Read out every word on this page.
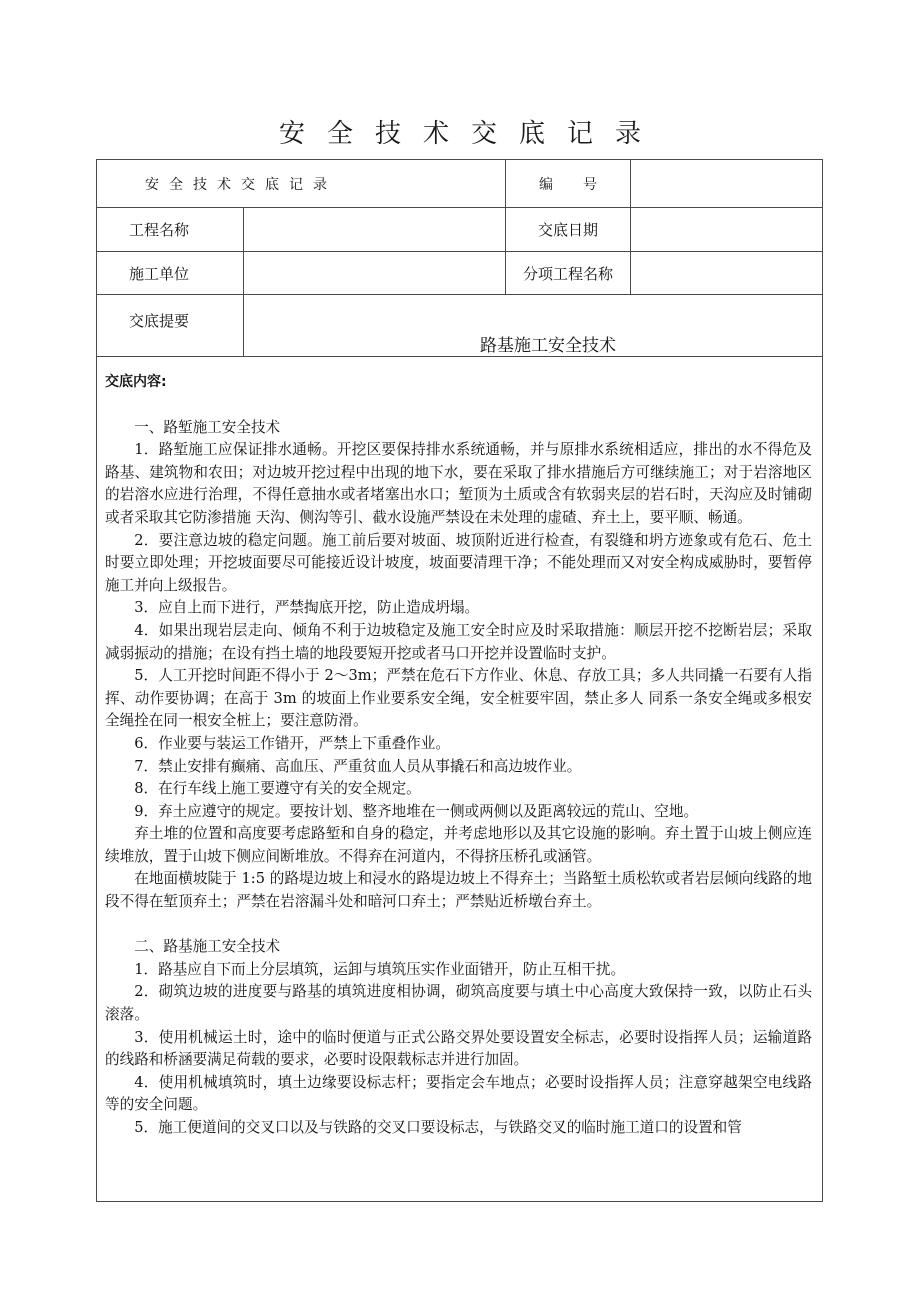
安全技术交底记录
安全技术交底记录		编号	
工程名称		交底日期	
施工单位		分项工程名称	
交底提要	路基施工安全技术		

交底内容:

一、路堑施工安全技术

1．路堑施工应保证排水通畅。开挖区要保持排水系统通畅，并与原排水系统相适应，排出的水不得危及路基、建筑物和农田；对边坡开挖过程中出现的地下水，要在采取了排水措施后方可继续施工；对于岩溶地区的岩溶水应进行治理，不得任意抽水或者堵塞出水口；堑顶为土质或含有软弱夹层的岩石时，天沟应及时铺砌或者采取其它防渗措施 天沟、侧沟等引、截水设施严禁设在未处理的虚碴、弃土上，要平顺、畅通。

2．要注意边坡的稳定问题。施工前后要对坡面、坡顶附近进行检查，有裂缝和坍方迹象或有危石、危土时要立即处理；开挖坡面要尽可能接近设计坡度，坡面要清理干净；不能处理而又对安全构成威胁时，要暂停施工并向上级报告。

3．应自上而下进行，严禁掏底开挖，防止造成坍塌。

4．如果出现岩层走向、倾角不利于边坡稳定及施工安全时应及时采取措施：顺层开挖不挖断岩层；采取减弱振动的措施；在设有挡土墙的地段要短开挖或者马口开挖并设置临时支护。

5．人工开挖时间距不得小于 2～3m；严禁在危石下方作业、休息、存放工具；多人共同撬一石要有人指挥、动作要协调；在高于 3m 的坡面上作业要系安全绳，安全桩要牢固，禁止多人 同系一条安全绳或多根安全绳拴在同一根安全桩上；要注意防滑。

6．作业要与装运工作错开，严禁上下重叠作业。

7．禁止安排有癫痛、高血压、严重贫血人员从事撬石和高边坡作业。

8．在行车线上施工要遵守有关的安全规定。

9．弃土应遵守的规定。要按计划、整齐地堆在一侧或两侧以及距离较远的荒山、空地。

弃土堆的位置和高度要考虑路堑和自身的稳定，并考虑地形以及其它设施的影响。弃土置于山坡上侧应连续堆放，置于山坡下侧应间断堆放。不得弃在河道内，不得挤压桥孔或涵管。

在地面横坡陡于 1:5 的路堤边坡上和浸水的路堤边坡上不得弃土；当路堑土质松软或者岩层倾向线路的地段不得在堑顶弃土；严禁在岩溶漏斗处和暗河口弃土；严禁贴近桥墩台弃土。

二、路基施工安全技术

1．路基应自下而上分层填筑，运卸与填筑压实作业面错开，防止互相干扰。

2．砌筑边坡的进度要与路基的填筑进度相协调，砌筑高度要与填土中心高度大致保持一致，以防止石头滚落。

3．使用机械运土时，途中的临时便道与正式公路交界处要设置安全标志，必要时设指挥人员；运输道路的线路和桥涵要满足荷载的要求，必要时设限载标志并进行加固。

4．使用机械填筑时，填土边缘要设标志杆；要指定会车地点；必要时设指挥人员；注意穿越架空电线路等的安全问题。

5．施工便道间的交叉口以及与铁路的交叉口要设标志，与铁路交叉的临时施工道口的设置和管
